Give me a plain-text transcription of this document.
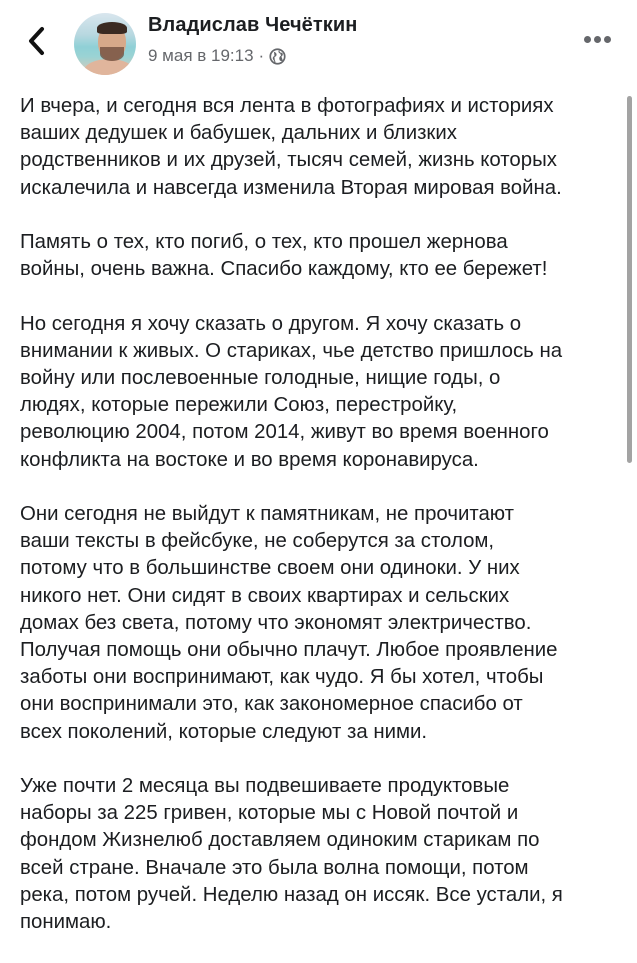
Владислав Чечёткин
9 мая в 19:13 ·

И вчера, и сегодня вся лента в фотографиях и историях
ваших дедушек и бабушек, дальних и близких
родственников и их друзей, тысяч семей, жизнь которых
искалечила и навсегда изменила Вторая мировая война.

Память о тех, кто погиб, о тех, кто прошел жернова
войны, очень важна. Спасибо каждому, кто ее бережет!

Но сегодня я хочу сказать о другом. Я хочу сказать о
внимании к живых. О стариках, чье детство пришлось на
войну или послевоенные голодные, нищие годы, о
людях, которые пережили Союз, перестройку,
революцию 2004, потом 2014, живут во время военного
конфликта на востоке и во время коронавируса.

Они сегодня не выйдут к памятникам, не прочитают
ваши тексты в фейсбуке, не соберутся за столом,
потому что в большинстве своем они одиноки. У них
никого нет. Они сидят в своих квартирах и сельских
домах без света, потому что экономят электричество.
Получая помощь они обычно плачут. Любое проявление
заботы они воспринимают, как чудо. Я бы хотел, чтобы
они воспринимали это, как закономерное спасибо от
всех поколений, которые следуют за ними.

Уже почти 2 месяца вы подвешиваете продуктовые
наборы за 225 гривен, которые мы с Новой почтой и
фондом Жизнелюб доставляем одиноким старикам по
всей стране. Вначале это была волна помощи, потом
река, потом ручей. Неделю назад он иссяк. Все устали, я
понимаю.
